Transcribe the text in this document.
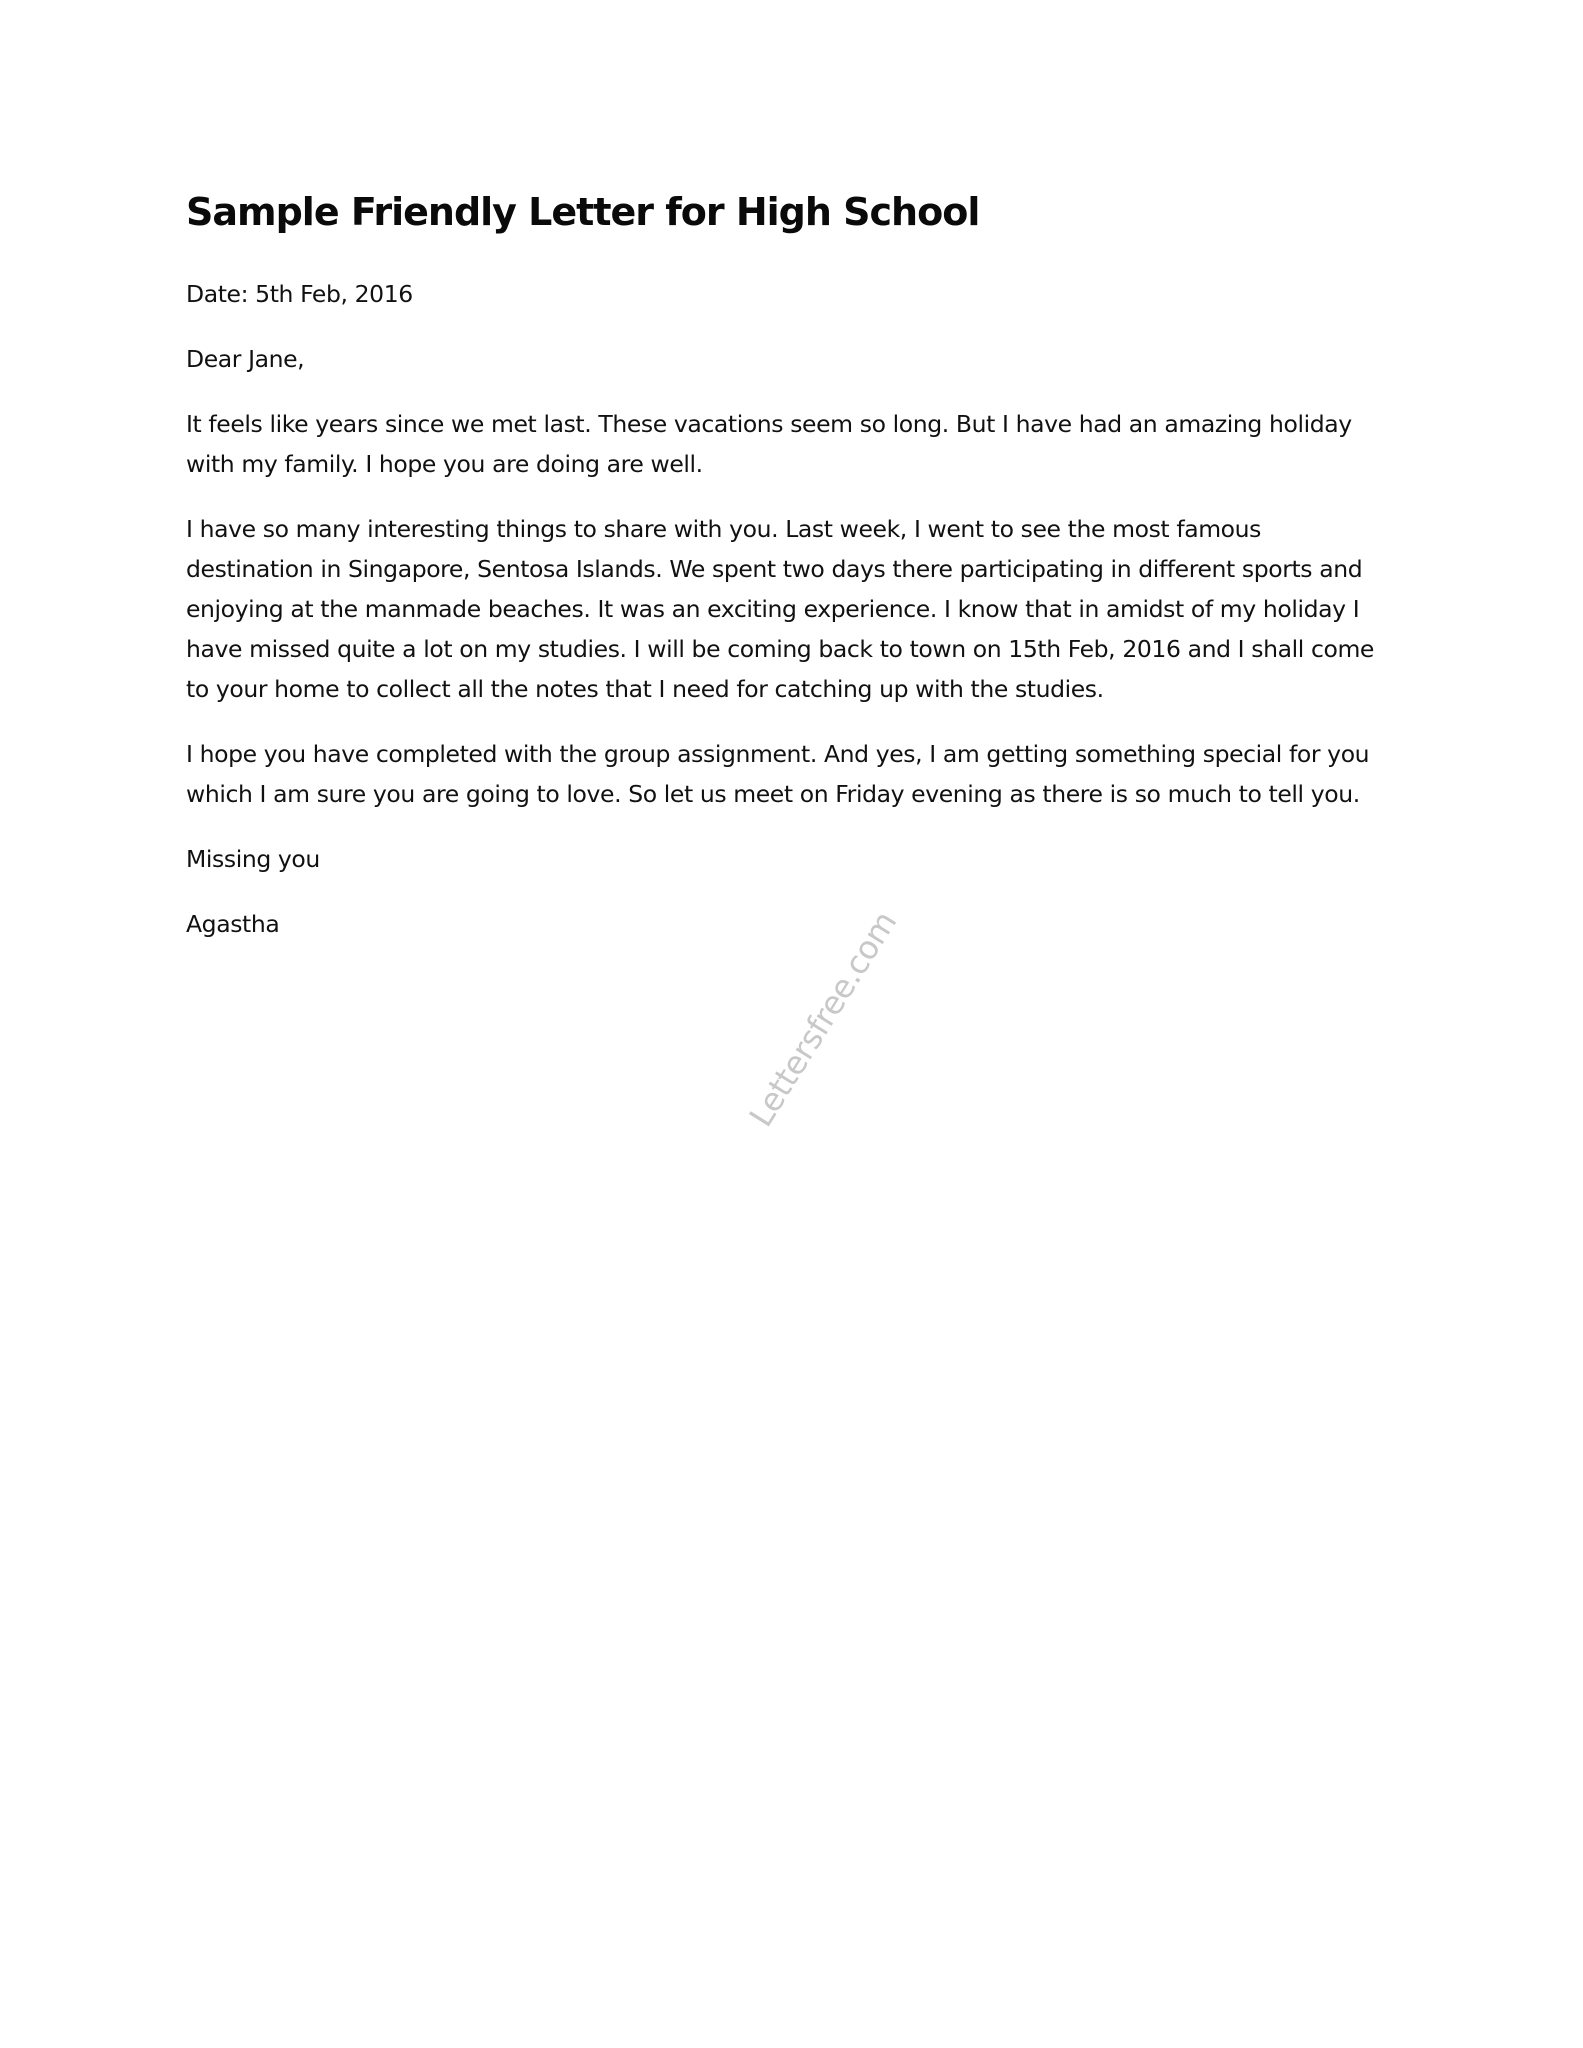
Sample Friendly Letter for High School

Date: 5th Feb, 2016

Dear Jane,

It feels like years since we met last. These vacations seem so long. But I have had an amazing holiday with my family. I hope you are doing are well.

I have so many interesting things to share with you. Last week, I went to see the most famous destination in Singapore, Sentosa Islands. We spent two days there participating in different sports and enjoying at the manmade beaches. It was an exciting experience. I know that in amidst of my holiday I have missed quite a lot on my studies. I will be coming back to town on 15th Feb, 2016 and I shall come to your home to collect all the notes that I need for catching up with the studies.

I hope you have completed with the group assignment. And yes, I am getting something special for you which I am sure you are going to love. So let us meet on Friday evening as there is so much to tell you.

Missing you

Agastha	Lettersfree.com
